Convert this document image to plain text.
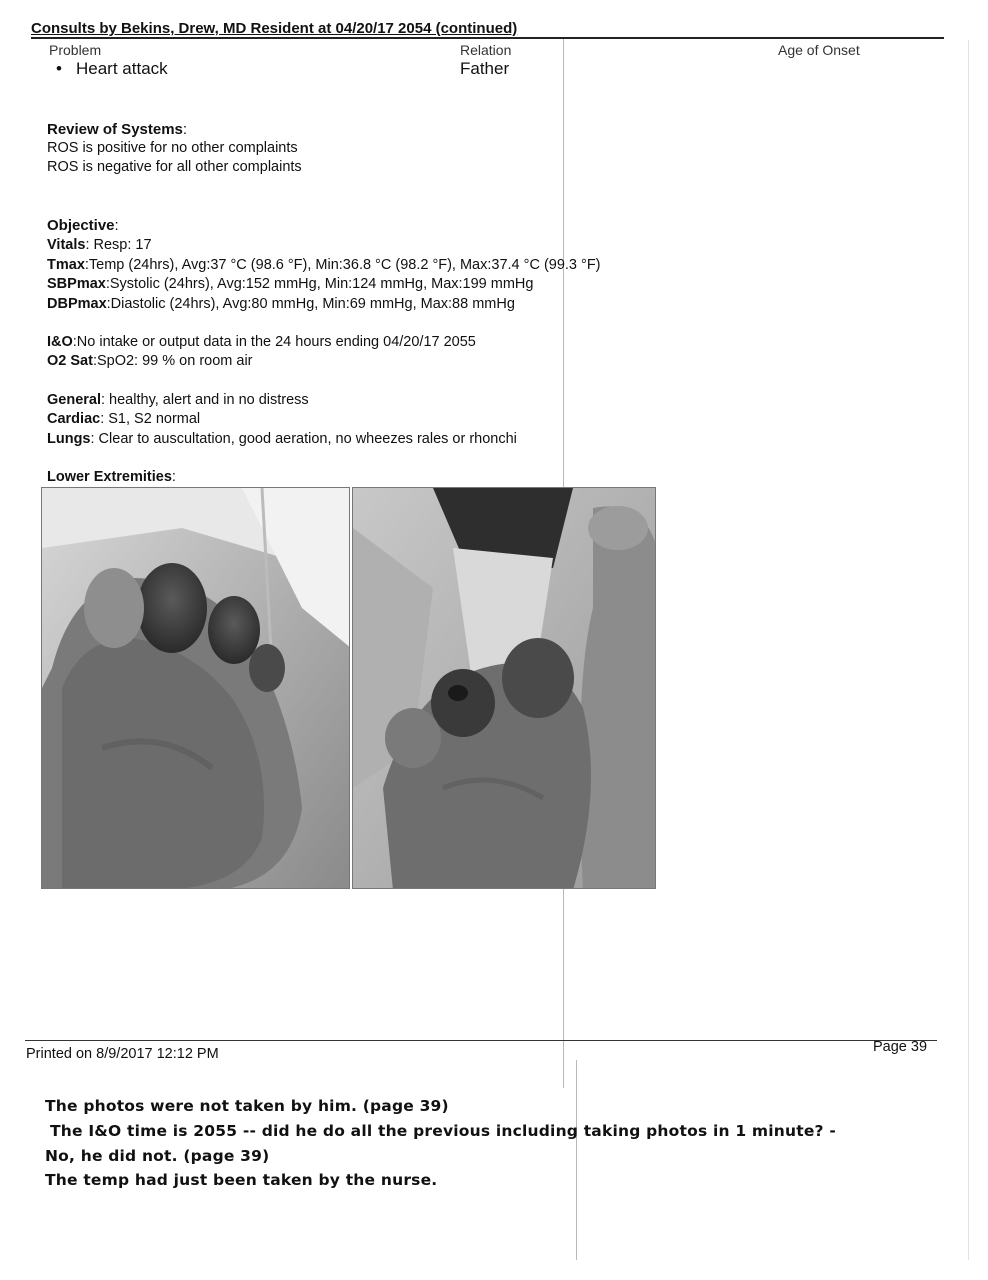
Consults by Bekins, Drew, MD Resident at 04/20/17 2054 (continued)
Problem	Relation	Age of Onset
• Heart attack	Father
Review of Systems:
ROS is positive for no other complaints
ROS is negative for all other complaints
Objective:
Vitals: Resp: 17
Tmax:Temp (24hrs), Avg:37 °C (98.6 °F), Min:36.8 °C (98.2 °F), Max:37.4 °C (99.3 °F)
SBPmax:Systolic (24hrs), Avg:152 mmHg, Min:124 mmHg, Max:199 mmHg
DBPmax:Diastolic (24hrs), Avg:80 mmHg, Min:69 mmHg, Max:88 mmHg
I&O:No intake or output data in the 24 hours ending 04/20/17 2055
O2 Sat:SpO2: 99 % on room air
General: healthy, alert and in no distress
Cardiac: S1, S2 normal
Lungs: Clear to auscultation, good aeration, no wheezes rales or rhonchi
Lower Extremities:
Printed on 8/9/2017 12:12 PM	Page 39
The photos were not taken by him. (page 39)
The I&O time is 2055 -- did he do all the previous including taking photos in 1 minute? -
No, he did not. (page 39)
The temp had just been taken by the nurse.
